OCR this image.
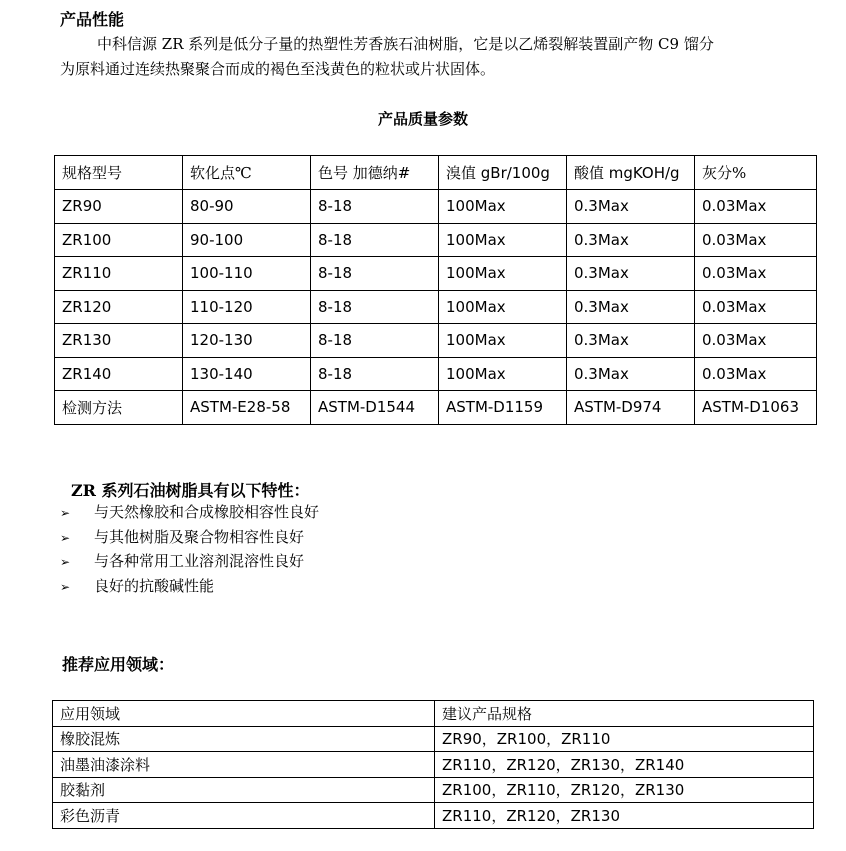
产品性能
中科信源 ZR 系列是低分子量的热塑性芳香族石油树脂，它是以乙烯裂解装置副产物 C9 馏分
为原料通过连续热聚聚合而成的褐色至浅黄色的粒状或片状固体。
产品质量参数
规格型号	软化点℃	色号 加德纳#	溴值 gBr/100g	酸值 mgKOH/g	灰分%
ZR90	80-90	8-18	100Max	0.3Max	0.03Max
ZR100	90-100	8-18	100Max	0.3Max	0.03Max
ZR110	100-110	8-18	100Max	0.3Max	0.03Max
ZR120	110-120	8-18	100Max	0.3Max	0.03Max
ZR130	120-130	8-18	100Max	0.3Max	0.03Max
ZR140	130-140	8-18	100Max	0.3Max	0.03Max
检测方法	ASTM-E28-58	ASTM-D1544	ASTM-D1159	ASTM-D974	ASTM-D1063
ZR 系列石油树脂具有以下特性：
➢ 与天然橡胶和合成橡胶相容性良好
➢ 与其他树脂及聚合物相容性良好
➢ 与各种常用工业溶剂混溶性良好
➢ 良好的抗酸碱性能
推荐应用领域：
应用领域	建议产品规格
橡胶混炼	ZR90，ZR100，ZR110
油墨油漆涂料	ZR110，ZR120，ZR130，ZR140
胶黏剂	ZR100，ZR110，ZR120，ZR130
彩色沥青	ZR110，ZR120，ZR130
